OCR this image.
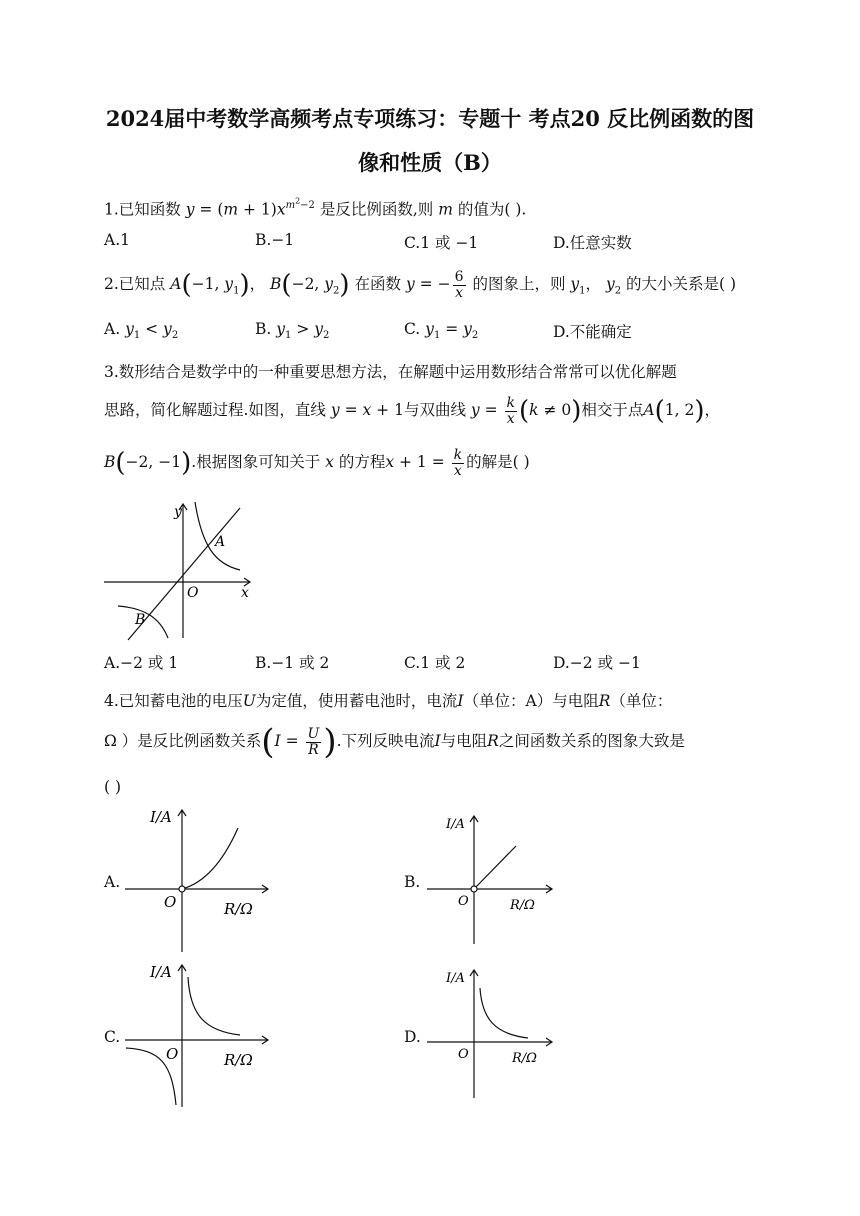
2024届中考数学高频考点专项练习：专题十 考点20 反比例函数的图
像和性质（B）
1.已知函数 $y = (m + 1)x^{m^2-2}$ 是反比例函数,则 m 的值为( ).
A.1	B.−1	C.1 或 −1	D.任意实数
2.已知点 A(−1, $y_1$)， B(−2, $y_2$) 在函数 y = − $\frac{6}{x}$ 的图象上，则 $y_1$， $y_2$ 的大小关系是( )
A. $y_1 < y_2$	B. $y_1 > y_2$	C. $y_1 = y_2$	D.不能确定
3.数形结合是数学中的一种重要思想方法，在解题中运用数形结合常常可以优化解题
思路，简化解题过程.如图，直线 y = x + 1与双曲线 $y = \frac{k}{x} (k \ne 0)$相交于点A(1, 2)，
B(−2, −1).根据图象可知关于 x 的方程$x + 1 = \frac{k}{x}$ 的解是( )
y
x
O
A
B
A.−2 或 1	B.−1 或 2	C.1 或 2	D.−2 或 −1
4.已知蓄电池的电压U为定值，使用蓄电池时，电流I（单位：A）与电阻R（单位：
Ω ）是反比例函数关系($I = \frac{U}{R}$ ).下列反映电流I与电阻R之间函数关系的图象大致是
( )
A.
I/A
O	R/Ω
B.
I/A
O	R/Ω
C.
I/A
O	R/Ω
D.
I/A
O	R/Ω
